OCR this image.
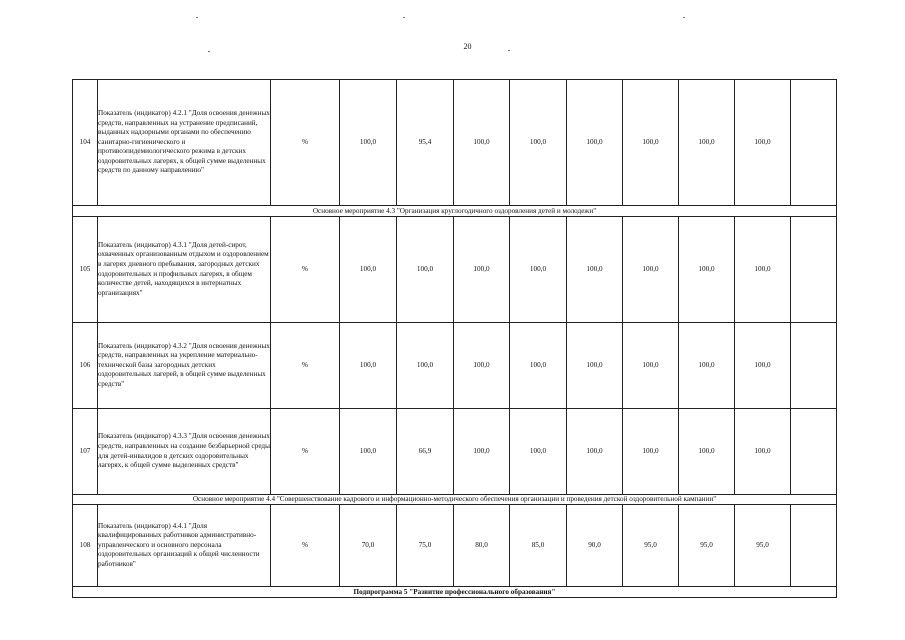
20
104	Показатель (индикатор) 4.2.1 "Доля освоения денежных средств, направленных на устранение предписаний, выданных надзорными органами по обеспечению санитарно-гигиенического и противоэпидемиологического режима в детских оздоровительных лагерях, к общей сумме выделенных средств по данному направлению"	%	100,0	95,4	100,0	100,0	100,0	100,0	100,0	100,0	
Основное мероприятие 4.3 "Организация круглогодичного оздоровления детей и молодежи"											
105	Показатель (индикатор) 4.3.1 "Доля детей-сирот, охваченных организованным отдыхом и оздоровлением в лагерях дневного пребывания, загородных детских оздоровительных и профильных лагерях, в общем количестве детей, находящихся в интернатных организациях"	%	100,0	100,0	100,0	100,0	100,0	100,0	100,0	100,0	
106	Показатель (индикатор) 4.3.2 "Доля освоения денежных средств, направленных на укрепление материально-технической базы загородных детских оздоровительных лагерей, в общей сумме выделенных средств"	%	100,0	100,0	100,0	100,0	100,0	100,0	100,0	100,0	
107	Показатель (индикатор) 4.3.3 "Доля освоения денежных средств, направленных на создание безбарьерной среды для детей-инвалидов в детских оздоровительных лагерях, к общей сумме выделенных средств"	%	100,0	66,9	100,0	100,0	100,0	100,0	100,0	100,0	
Основное мероприятие 4.4 "Совершенствование кадрового и информационно-методического обеспечения организации и проведения детской оздоровительной кампании"											
108	Показатель (индикатор) 4.4.1 "Доля квалифицированных работников административно-управленческого и основного персонала оздоровительных организаций к общей численности работников"	%	70,0	75,0	80,0	85,0	90,0	95,0	95,0	95,0	
Подпрограмма 5 "Развитие профессионального образования"											
